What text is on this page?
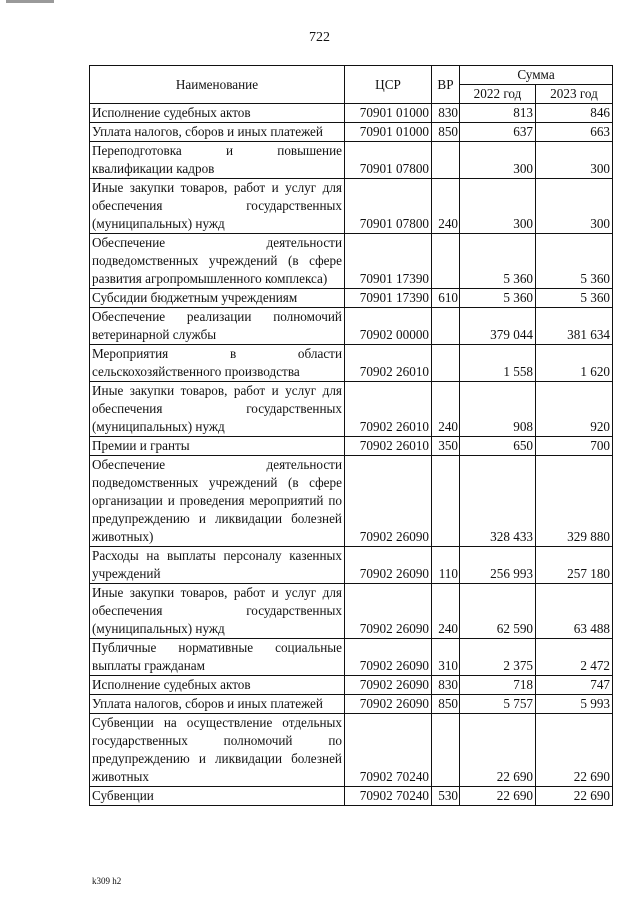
722
Наименование	ЦСР	ВР	Сумма	
			2022 год	2023 год
Исполнение судебных актов	70901 01000	830	813	846
Уплата налогов, сборов и иных платежей	70901 01000	850	637	663
Переподготовка и повышение квалификации кадров	70901 07800		300	300
Иные закупки товаров, работ и услуг для обеспечения государственных (муниципальных) нужд	70901 07800	240	300	300
Обеспечение деятельности подведомственных учреждений (в сфере развития агропромышленного комплекса)	70901 17390		5 360	5 360
Субсидии бюджетным учреждениям	70901 17390	610	5 360	5 360
Обеспечение реализации полномочий ветеринарной службы	70902 00000		379 044	381 634
Мероприятия в области сельскохозяйственного производства	70902 26010		1 558	1 620
Иные закупки товаров, работ и услуг для обеспечения государственных (муниципальных) нужд	70902 26010	240	908	920
Премии и гранты	70902 26010	350	650	700
Обеспечение деятельности подведомственных учреждений (в сфере организации и проведения мероприятий по предупреждению и ликвидации болезней животных)	70902 26090		328 433	329 880
Расходы на выплаты персоналу казенных учреждений	70902 26090	110	256 993	257 180
Иные закупки товаров, работ и услуг для обеспечения государственных (муниципальных) нужд	70902 26090	240	62 590	63 488
Публичные нормативные социальные выплаты гражданам	70902 26090	310	2 375	2 472
Исполнение судебных актов	70902 26090	830	718	747
Уплата налогов, сборов и иных платежей	70902 26090	850	5 757	5 993
Субвенции на осуществление отдельных государственных полномочий по предупреждению и ликвидации болезней животных	70902 70240		22 690	22 690
Субвенции	70902 70240	530	22 690	22 690
k309 h2
